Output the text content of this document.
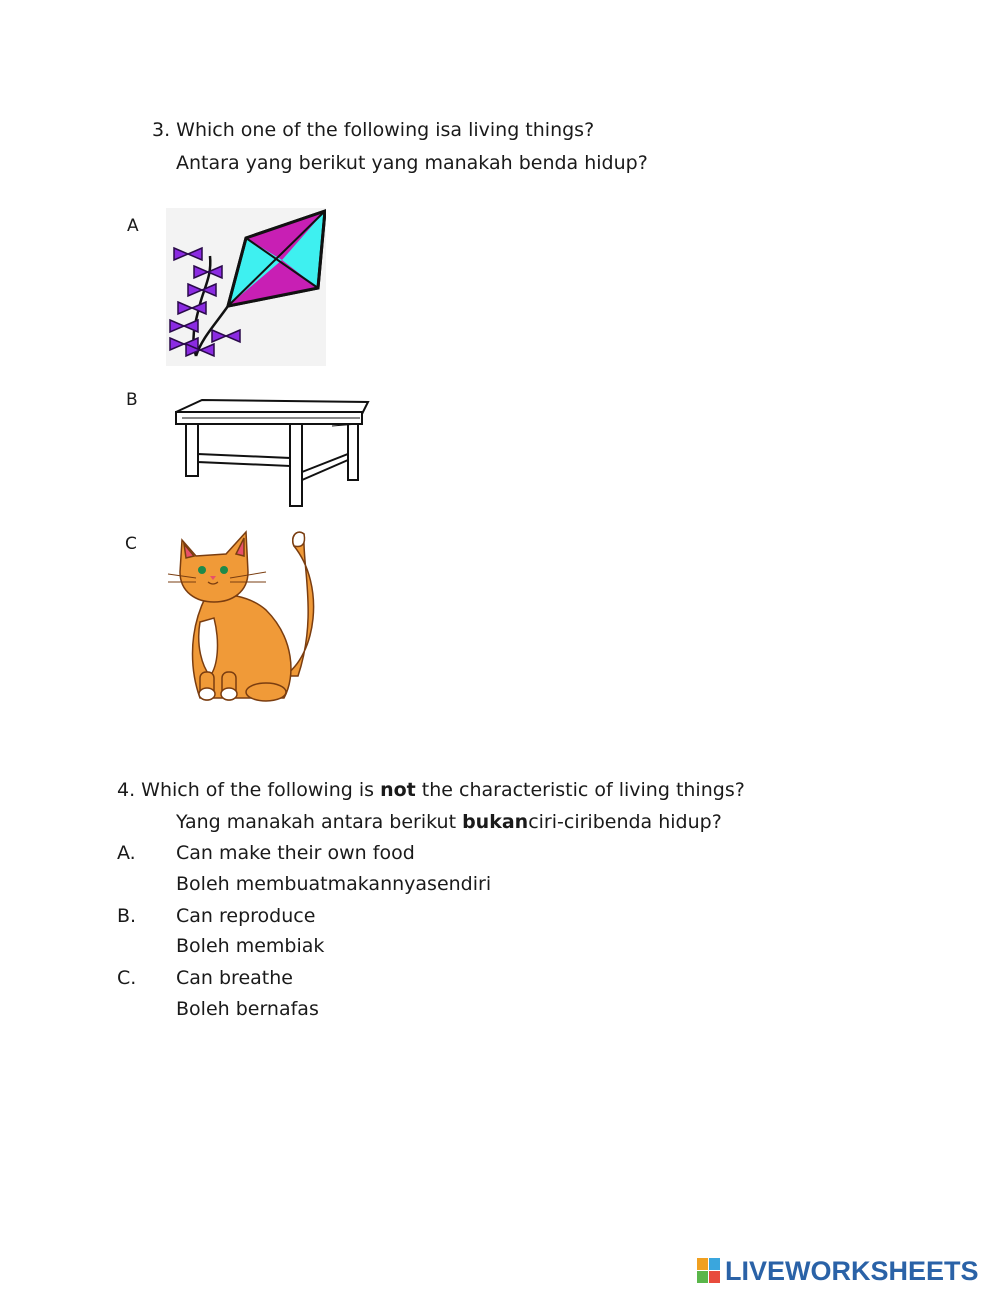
3. Which one of the following isa living things?
Antara yang berikut yang manakah benda hidup?
A
B
C
4. Which of the following is not the characteristic of living things?
Yang manakah antara berikut bukanciri-ciribenda hidup?
A. Can make their own food
Boleh membuatmakannyasendiri
B. Can reproduce
Boleh membiak
C. Can breathe
Boleh bernafas
LIVEWORKSHEETS
